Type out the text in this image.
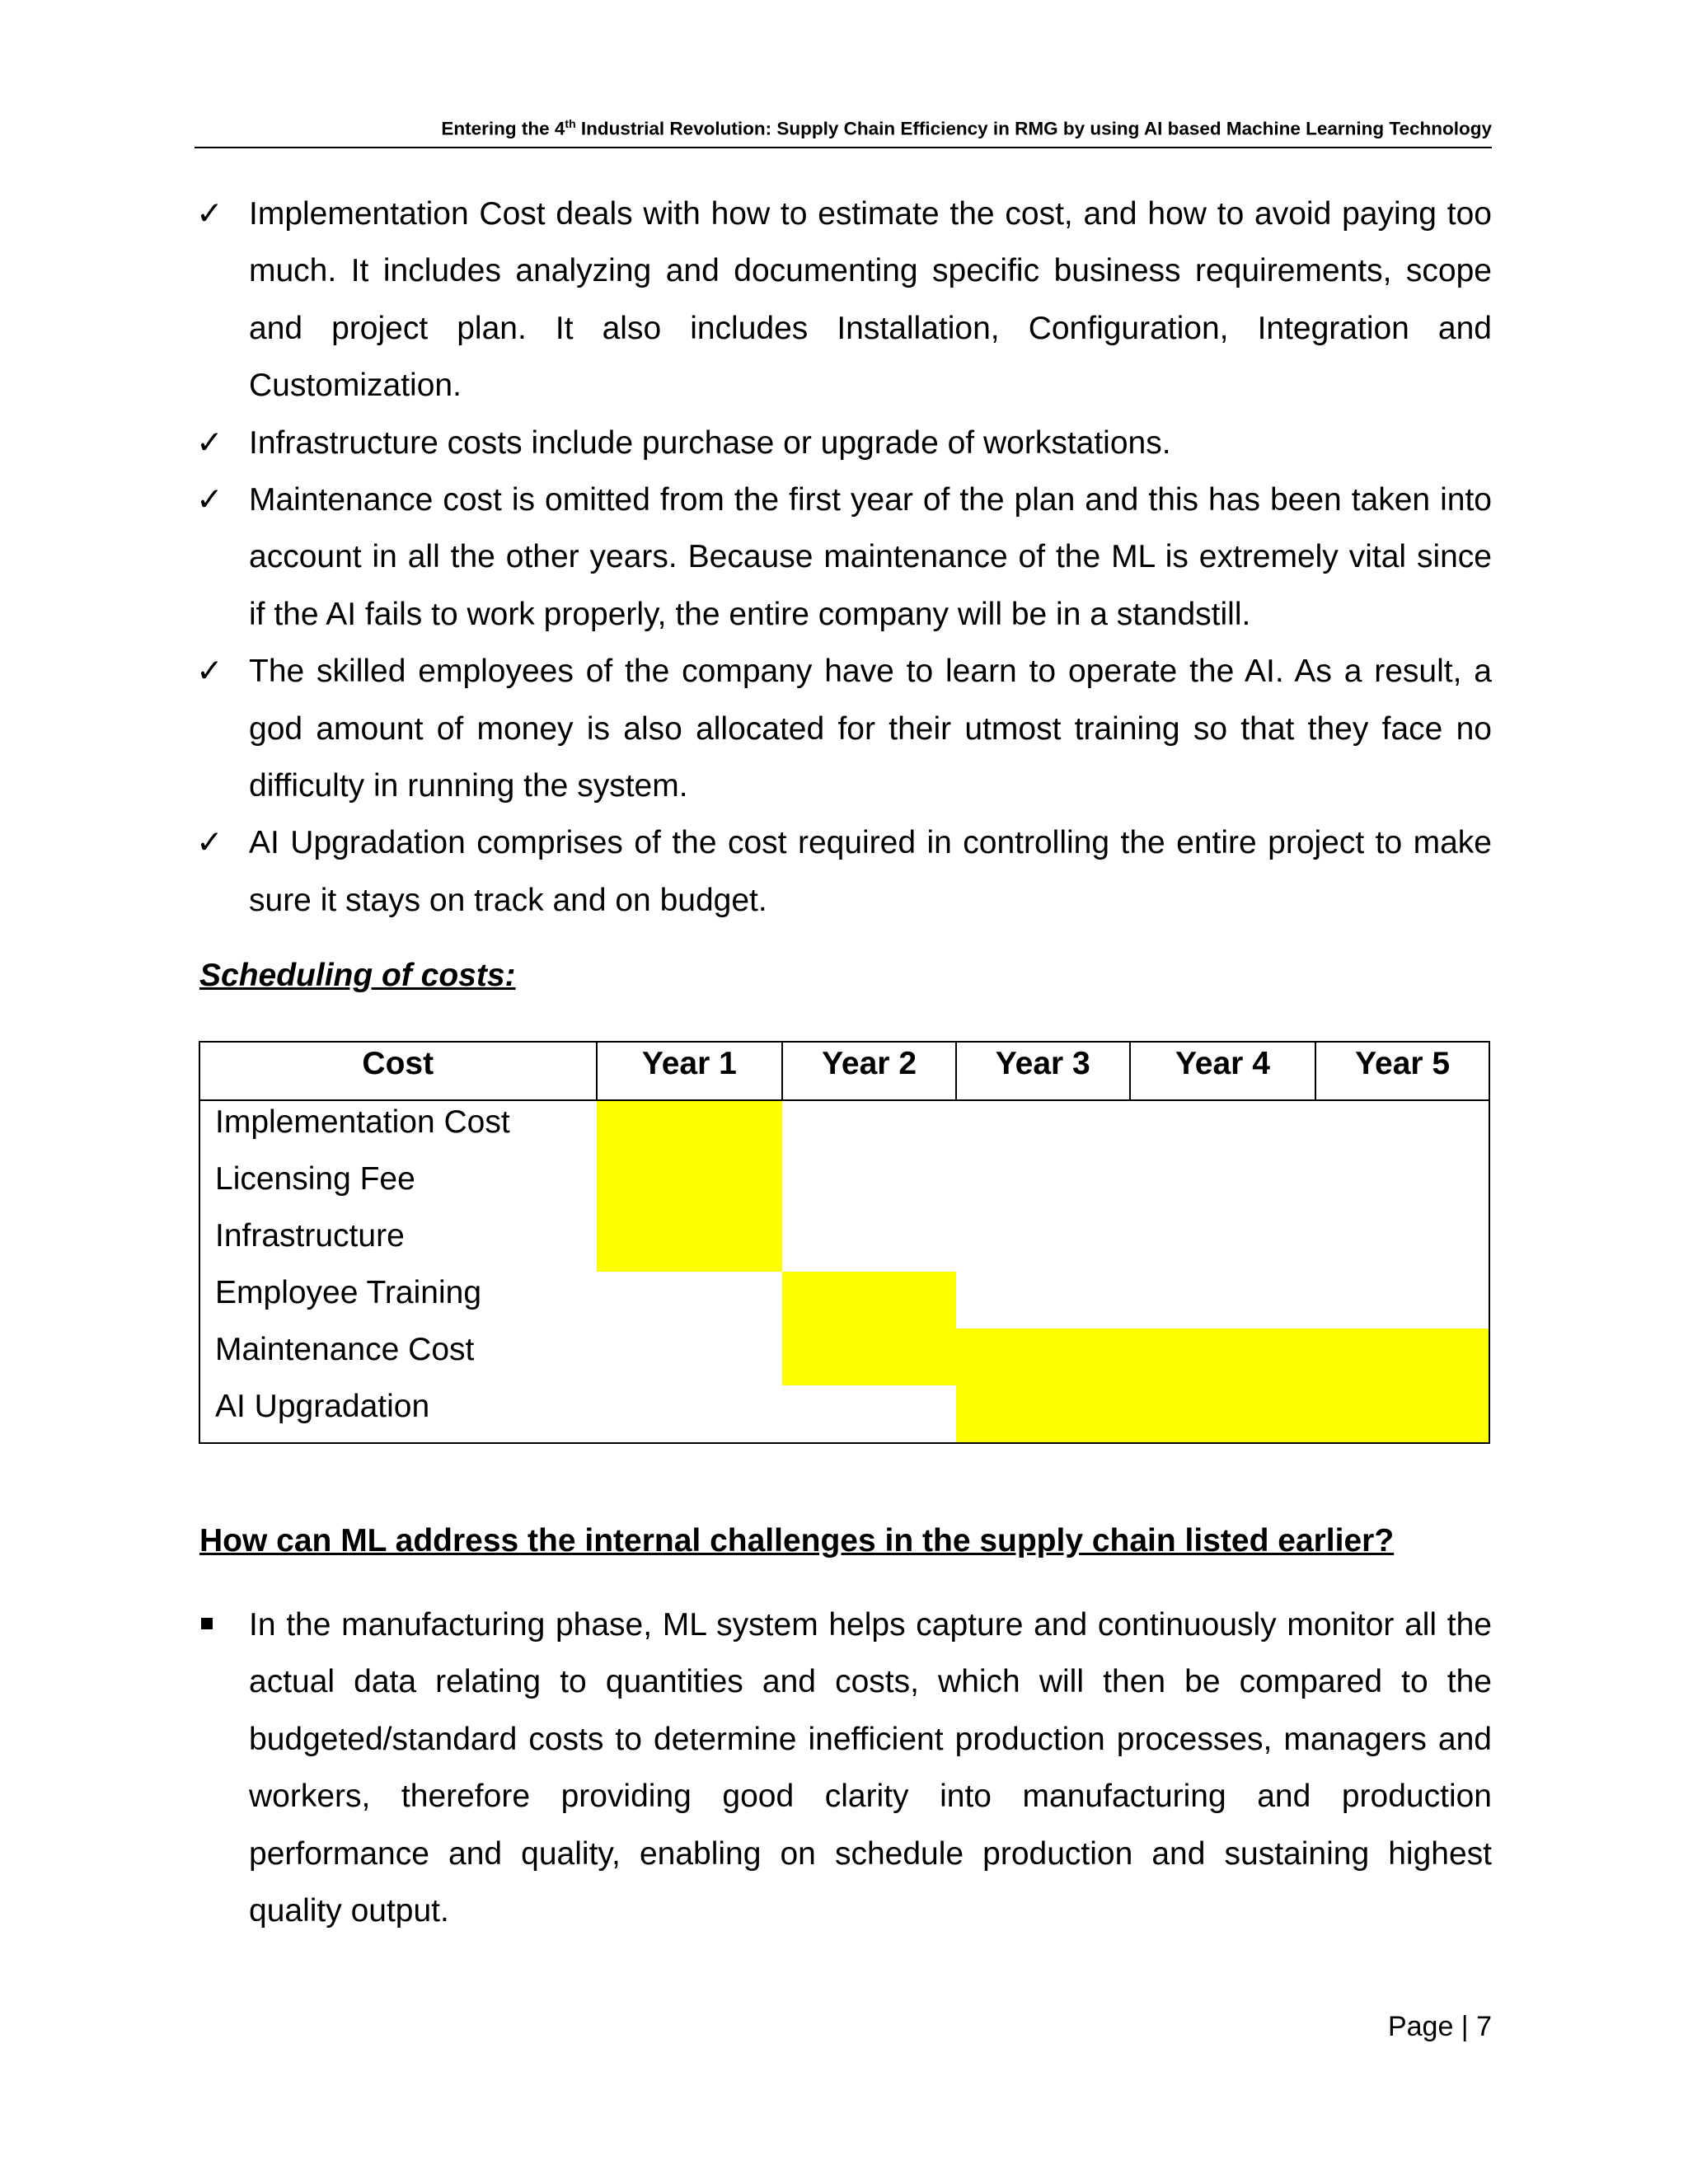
Entering the 4th Industrial Revolution: Supply Chain Efficiency in RMG by using AI based Machine Learning Technology
✓ Implementation Cost deals with how to estimate the cost, and how to avoid paying too much. It includes analyzing and documenting specific business requirements, scope and project plan. It also includes Installation, Configuration, Integration and Customization.
✓ Infrastructure costs include purchase or upgrade of workstations.
✓ Maintenance cost is omitted from the first year of the plan and this has been taken into account in all the other years. Because maintenance of the ML is extremely vital since if the AI fails to work properly, the entire company will be in a standstill.
✓ The skilled employees of the company have to learn to operate the AI. As a result, a god amount of money is also allocated for their utmost training so that they face no difficulty in running the system.
✓ AI Upgradation comprises of the cost required in controlling the entire project to make sure it stays on track and on budget.
Scheduling of costs:
Cost	Year 1	Year 2	Year 3	Year 4	Year 5
Implementation Cost					
Licensing Fee					
Infrastructure					
Employee Training					
Maintenance Cost					
AI Upgradation					
How can ML address the internal challenges in the supply chain listed earlier?
In the manufacturing phase, ML system helps capture and continuously monitor all the actual data relating to quantities and costs, which will then be compared to the budgeted/standard costs to determine inefficient production processes, managers and workers, therefore providing good clarity into manufacturing and production performance and quality, enabling on schedule production and sustaining highest quality output.
Page | 7
